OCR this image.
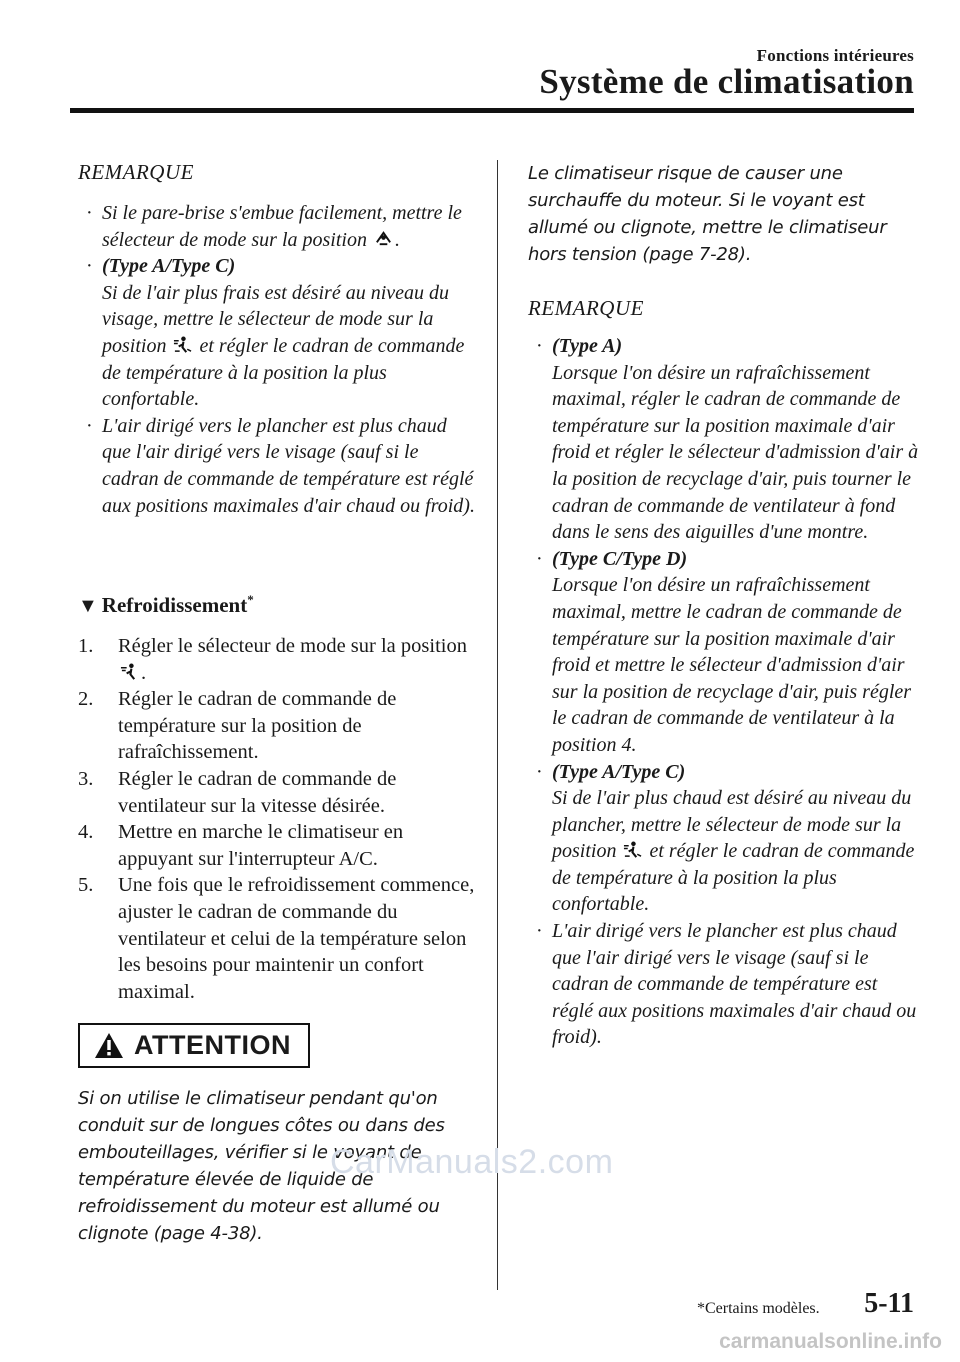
Fonctions intérieures
Système de climatisation

REMARQUE

· Si le pare-brise s'embue facilement, mettre le sélecteur de mode sur la position .
· (Type A/Type C)
Si de l'air plus frais est désiré au niveau du visage, mettre le sélecteur de mode sur la position  et régler le cadran de commande de température à la position la plus confortable.
· L'air dirigé vers le plancher est plus chaud que l'air dirigé vers le visage (sauf si le cadran de commande de température est réglé aux positions maximales d'air chaud ou froid).
▼ Refroidissement*
1. Régler le sélecteur de mode sur la position .
2. Régler le cadran de commande de température sur la position de rafraîchissement.
3. Régler le cadran de commande de ventilateur sur la vitesse désirée.
4. Mettre en marche le climatiseur en appuyant sur l'interrupteur A/C.
5. Une fois que le refroidissement commence, ajuster le cadran de commande du ventilateur et celui de la température selon les besoins pour maintenir un confort maximal.
ATTENTION

Si on utilise le climatiseur pendant qu'on conduit sur de longues côtes ou dans des embouteillages, vérifier si le voyant de température élevée de liquide de refroidissement du moteur est allumé ou clignote (page 4-38).

Le climatiseur risque de causer une surchauffe du moteur. Si le voyant est allumé ou clignote, mettre le climatiseur hors tension (page 7-28).

REMARQUE

· (Type A)
Lorsque l'on désire un rafraîchissement maximal, régler le cadran de commande de température sur la position maximale d'air froid et régler le sélecteur d'admission d'air à la position de recyclage d'air, puis tourner le cadran de commande de ventilateur à fond dans le sens des aiguilles d'une montre.
· (Type C/Type D)
Lorsque l'on désire un rafraîchissement maximal, mettre le cadran de commande de température sur la position maximale d'air froid et mettre le sélecteur d'admission d'air sur la position de recyclage d'air, puis régler le cadran de commande de ventilateur à la position 4.
· (Type A/Type C)
Si de l'air plus chaud est désiré au niveau du plancher, mettre le sélecteur de mode sur la position  et régler le cadran de commande de température à la position la plus confortable.
· L'air dirigé vers le plancher est plus chaud que l'air dirigé vers le visage (sauf si le cadran de commande de température est réglé aux positions maximales d'air chaud ou froid).
CarManuals2.com
*Certains modèles. 5-11
carmanualsonline.info
